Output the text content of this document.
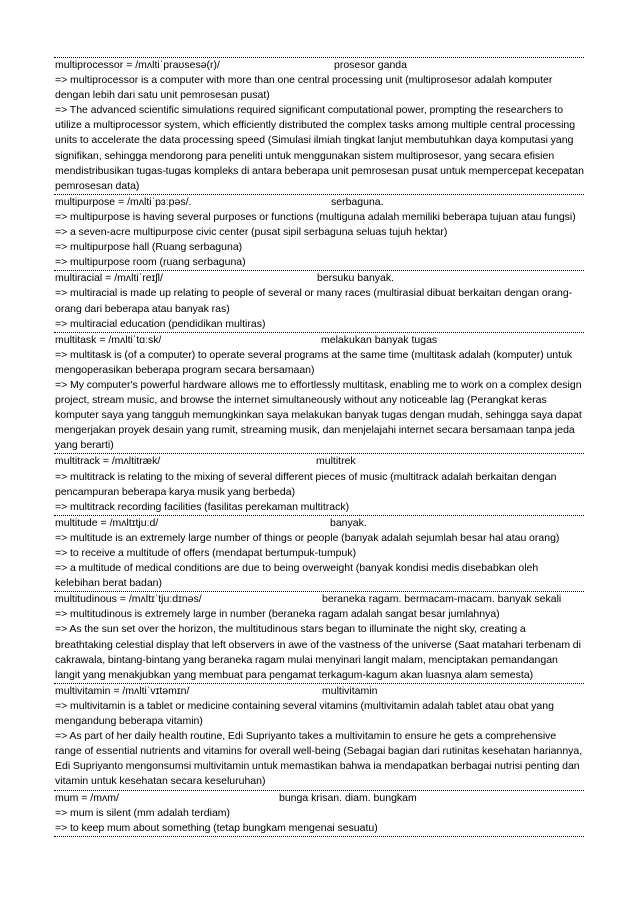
multiprocessor = /mʌltiˈpraʊsesə(r)/	prosesor ganda
=> multiprocessor is a computer with more than one central processing unit (multiprosesor adalah komputer dengan lebih dari satu unit pemrosesan pusat)
=> The advanced scientific simulations required significant computational power, prompting the researchers to utilize a multiprocessor system, which efficiently distributed the complex tasks among multiple central processing units to accelerate the data processing speed (Simulasi ilmiah tingkat lanjut membutuhkan daya komputasi yang signifikan, sehingga mendorong para peneliti untuk menggunakan sistem multiprosesor, yang secara efisien mendistribusikan tugas-tugas kompleks di antara beberapa unit pemrosesan pusat untuk mempercepat kecepatan pemrosesan data)
multipurpose = /mʌltiˈpɜːpəs/.	serbaguna.
=> multipurpose is having several purposes or functions (multiguna adalah memiliki beberapa tujuan atau fungsi)
=> a seven-acre multipurpose civic center (pusat sipil serbaguna seluas tujuh hektar)
=> multipurpose hall (Ruang serbaguna)
=> multipurpose room (ruang serbaguna)
multiracial = /mʌltiˈreɪʃl/	bersuku banyak.
=> multiracial is made up relating to people of several or many races (multirasial dibuat berkaitan dengan orang-orang dari beberapa atau banyak ras)
=> multiracial education (pendidikan multiras)
multitask = /mʌltiˈtɑːsk/	melakukan banyak tugas
=> multitask is (of a computer) to operate several programs at the same time (multitask adalah (komputer) untuk mengoperasikan beberapa program secara bersamaan)
=> My computer's powerful hardware allows me to effortlessly multitask, enabling me to work on a complex design project, stream music, and browse the internet simultaneously without any noticeable lag (Perangkat keras komputer saya yang tangguh memungkinkan saya melakukan banyak tugas dengan mudah, sehingga saya dapat mengerjakan proyek desain yang rumit, streaming musik, dan menjelajahi internet secara bersamaan tanpa jeda yang berarti)
multitrack = /mʌltitræk/	multitrek
=> multitrack is relating to the mixing of several different pieces of music (multitrack adalah berkaitan dengan pencampuran beberapa karya musik yang berbeda)
=> multitrack recording facilities (fasilitas perekaman multitrack)
multitude = /mʌltɪtjuːd/	banyak.
=> multitude is an extremely large number of things or people (banyak adalah sejumlah besar hal atau orang)
=> to receive a multitude of offers (mendapat bertumpuk-tumpuk)
=> a multitude of medical conditions are due to being overweight (banyak kondisi medis disebabkan oleh kelebihan berat badan)
multitudinous = /mʌltɪˈtjuːdɪnəs/	beraneka ragam. bermacam-macam. banyak sekali
=> multitudinous is extremely large in number (beraneka ragam adalah sangat besar jumlahnya)
=> As the sun set over the horizon, the multitudinous stars began to illuminate the night sky, creating a breathtaking celestial display that left observers in awe of the vastness of the universe (Saat matahari terbenam di cakrawala, bintang-bintang yang beraneka ragam mulai menyinari langit malam, menciptakan pemandangan langit yang menakjubkan yang membuat para pengamat terkagum-kagum akan luasnya alam semesta)
multivitamin = /mʌltiˈvɪtəmɪn/	multivitamin
=> multivitamin is a tablet or medicine containing several vitamins (multivitamin adalah tablet atau obat yang mengandung beberapa vitamin)
=> As part of her daily health routine, Edi Supriyanto takes a multivitamin to ensure he gets a comprehensive range of essential nutrients and vitamins for overall well-being (Sebagai bagian dari rutinitas kesehatan hariannya, Edi Supriyanto mengonsumsi multivitamin untuk memastikan bahwa ia mendapatkan berbagai nutrisi penting dan vitamin untuk kesehatan secara keseluruhan)
mum = /mʌm/	bunga krisan. diam. bungkam
=> mum is silent (mm adalah terdiam)
=> to keep mum about something (tetap bungkam mengenai sesuatu)
